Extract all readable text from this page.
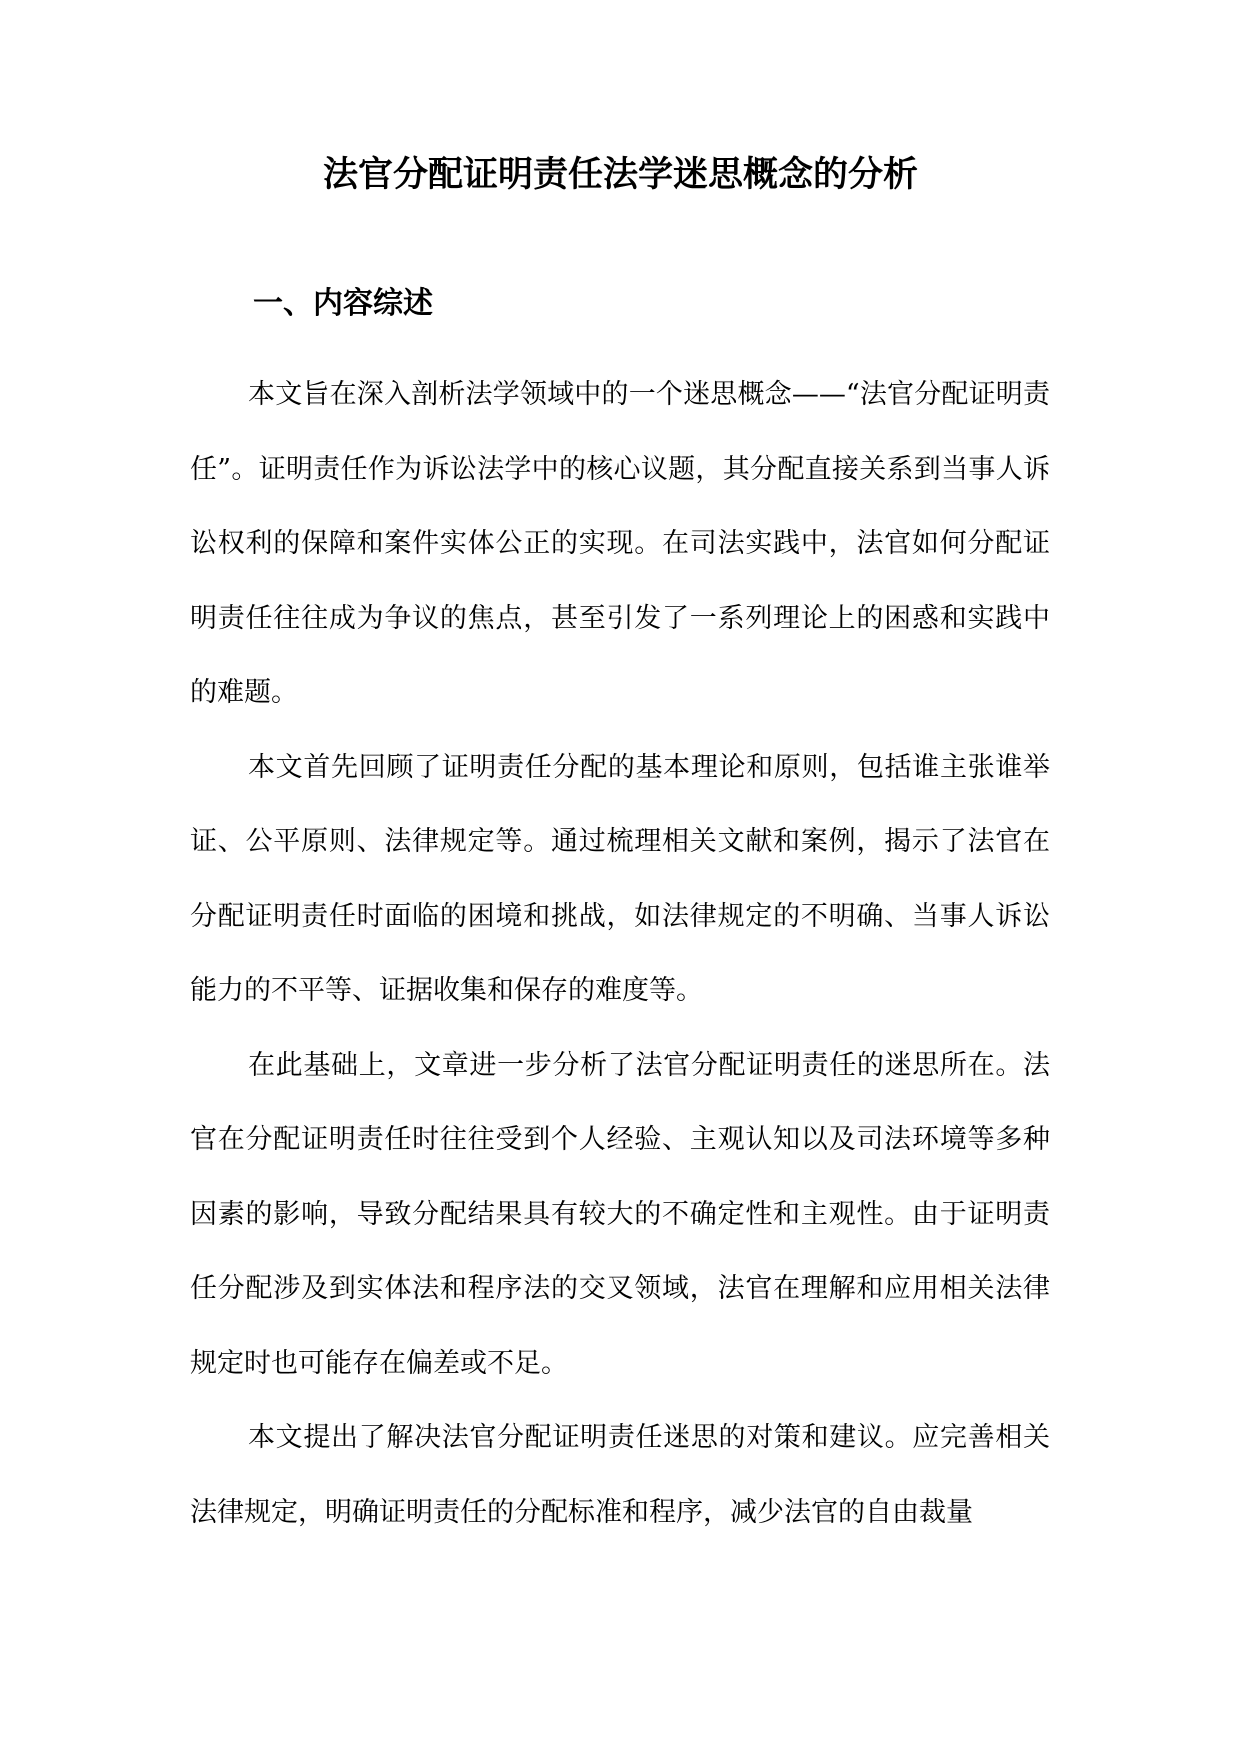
法官分配证明责任法学迷思概念的分析
一、内容综述

本文旨在深入剖析法学领域中的一个迷思概念——“法官分配证明责任”。证明责任作为诉讼法学中的核心议题，其分配直接关系到当事人诉讼权利的保障和案件实体公正的实现。在司法实践中，法官如何分配证明责任往往成为争议的焦点，甚至引发了一系列理论上的困惑和实践中的难题。

本文首先回顾了证明责任分配的基本理论和原则，包括谁主张谁举证、公平原则、法律规定等。通过梳理相关文献和案例，揭示了法官在分配证明责任时面临的困境和挑战，如法律规定的不明确、当事人诉讼能力的不平等、证据收集和保存的难度等。

在此基础上，文章进一步分析了法官分配证明责任的迷思所在。法官在分配证明责任时往往受到个人经验、主观认知以及司法环境等多种因素的影响，导致分配结果具有较大的不确定性和主观性。由于证明责任分配涉及到实体法和程序法的交叉领域，法官在理解和应用相关法律规定时也可能存在偏差或不足。

本文提出了解决法官分配证明责任迷思的对策和建议。应完善相关法律规定，明确证明责任的分配标准和程序，减少法官的自由裁量
